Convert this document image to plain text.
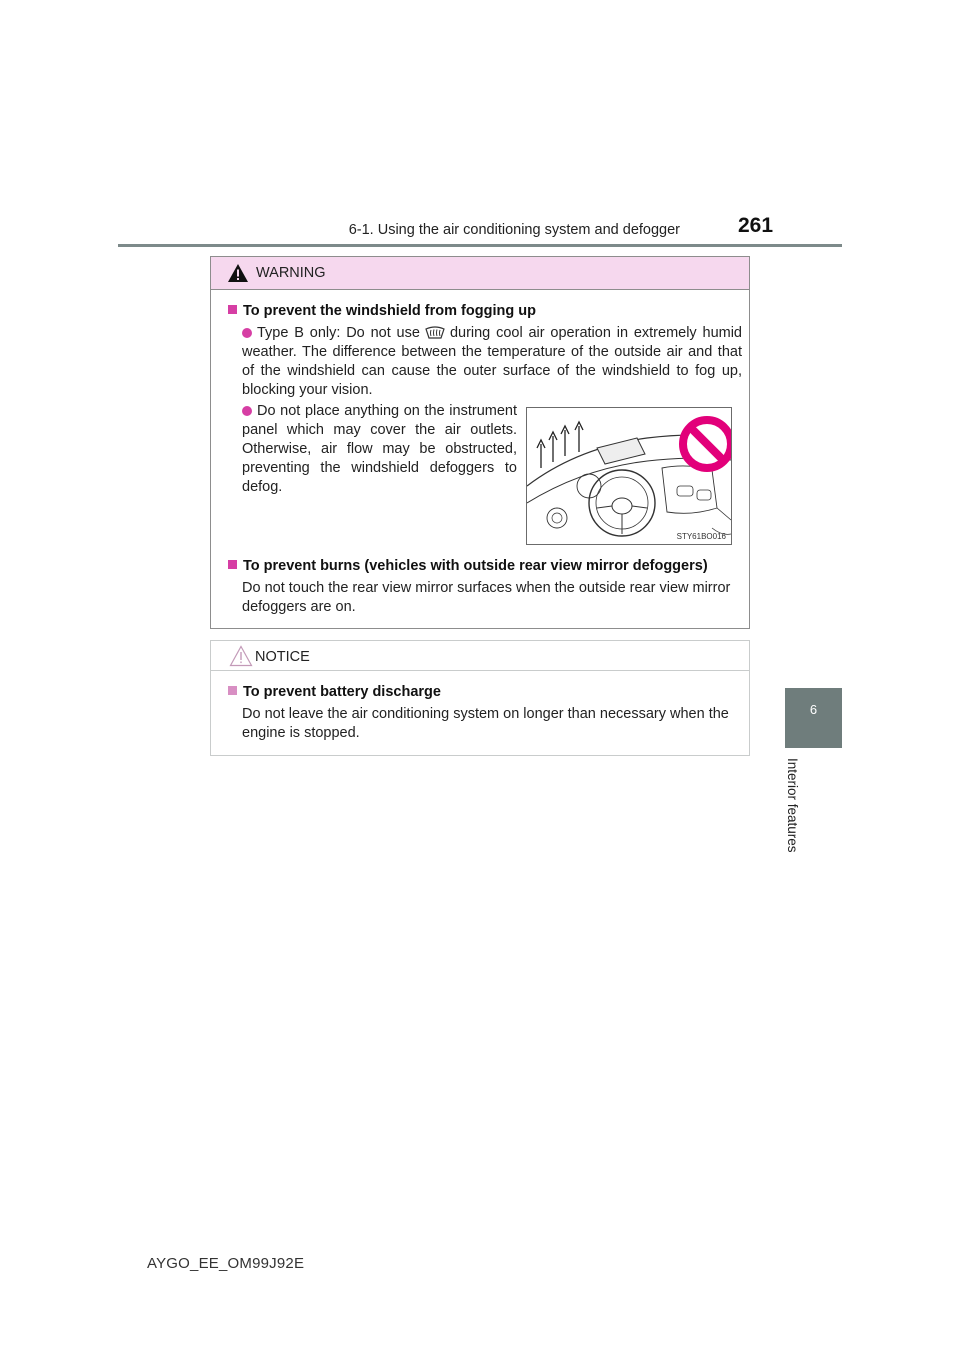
6-1. Using the air conditioning system and defogger	261
6
Interior features
WARNING
To prevent the windshield from fogging up
Type B only: Do not use during cool air operation in extremely humid weather. The difference between the temperature of the outside air and that of the windshield can cause the outer surface of the windshield to fog up, blocking your vision.
Do not place anything on the instrument panel which may cover the air outlets. Otherwise, air flow may be obstructed, preventing the windshield defoggers to defog.
STY61BO016
To prevent burns (vehicles with outside rear view mirror defoggers)
Do not touch the rear view mirror surfaces when the outside rear view mirror defoggers are on.
NOTICE
To prevent battery discharge
Do not leave the air conditioning system on longer than necessary when the engine is stopped.
AYGO_EE_OM99J92E
